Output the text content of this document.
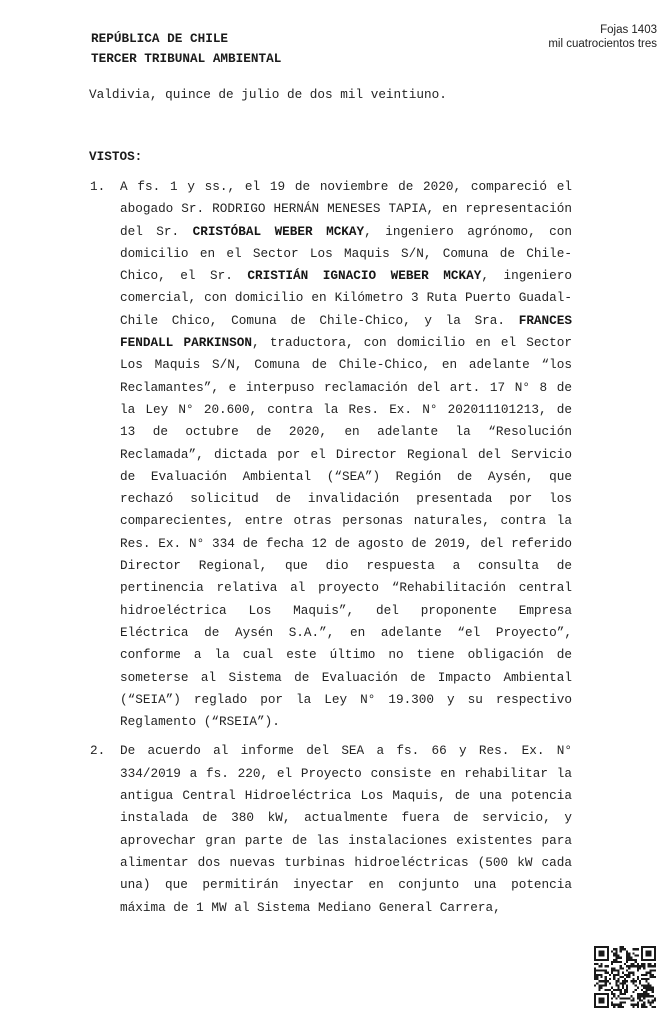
REPÚBLICA DE CHILE
TERCER TRIBUNAL AMBIENTAL
Fojas 1403
mil cuatrocientos tres
Valdivia, quince de julio de dos mil veintiuno.
VISTOS:
1.	A fs. 1 y ss., el 19 de noviembre de 2020, compareció el abogado Sr. RODRIGO HERNÁN MENESES TAPIA, en representación del Sr. CRISTÓBAL WEBER MCKAY, ingeniero agrónomo, con domicilio en el Sector Los Maquis S/N, Comuna de Chile-Chico, el Sr. CRISTIÁN IGNACIO WEBER MCKAY, ingeniero comercial, con domicilio en Kilómetro 3 Ruta Puerto Guadal-Chile Chico, Comuna de Chile-Chico, y la Sra. FRANCES FENDALL PARKINSON, traductora, con domicilio en el Sector Los Maquis S/N, Comuna de Chile-Chico, en adelante “los Reclamantes”, e interpuso reclamación del art. 17 N° 8 de la Ley N° 20.600, contra la Res. Ex. N° 202011101213, de 13 de octubre de 2020, en adelante la “Resolución Reclamada”, dictada por el Director Regional del Servicio de Evaluación Ambiental (“SEA”) Región de Aysén, que rechazó solicitud de invalidación presentada por los comparecientes, entre otras personas naturales, contra la Res. Ex. N° 334 de fecha 12 de agosto de 2019, del referido Director Regional, que dio respuesta a consulta de pertinencia relativa al proyecto “Rehabilitación central hidroeléctrica Los Maquis”, del proponente Empresa Eléctrica de Aysén S.A.”, en adelante “el Proyecto”, conforme a la cual este último no tiene obligación de someterse al Sistema de Evaluación de Impacto Ambiental (“SEIA”) reglado por la Ley N° 19.300 y su respectivo Reglamento (“RSEIA”).

2.	De acuerdo al informe del SEA a fs. 66 y Res. Ex. N° 334/⁠2019 a fs. 220, el Proyecto consiste en rehabilitar la antigua Central Hidroeléctrica Los Maquis, de una potencia instalada de 380 kW, actualmente fuera de servicio, y aprovechar gran parte de las instalaciones existentes para alimentar dos nuevas turbinas hidroeléctricas (500 kW cada una) que permitirán inyectar en conjunto una potencia máxima de 1 MW al Sistema Mediano General Carrera,
